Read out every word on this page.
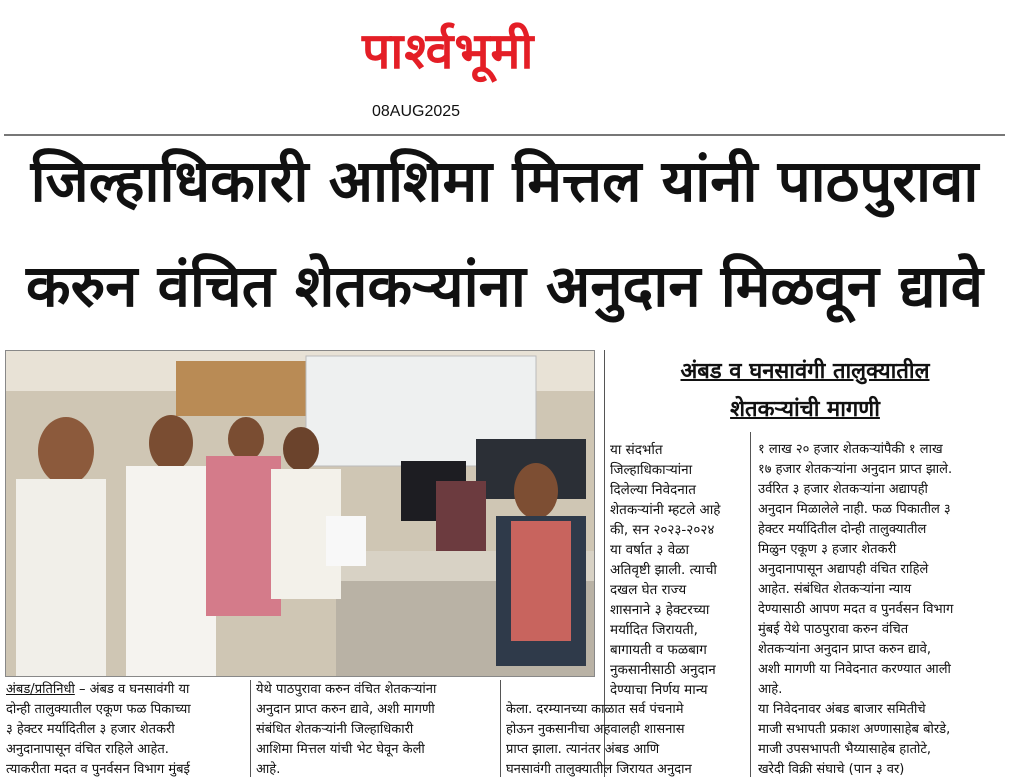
पार्श्वभूमी
08AUG2025
जिल्हाधिकारी आशिमा मित्तल यांनी पाठपुरावा
करुन वंचित शेतकऱ्यांना अनुदान मिळवून द्यावे
अंबड व घनसावंगी तालुक्यातील
शेतकऱ्यांची मागणी
या संदर्भात
जिल्हाधिकाऱ्यांना
दिलेल्या निवेदनात
शेतकऱ्यांनी म्हटले आहे
की, सन २०२३-२०२४
या वर्षात ३ वेळा
अतिवृष्टी झाली. त्याची
दखल घेत राज्य
शासनाने ३ हेक्टरच्या
मर्यादित जिरायती,
बागायती व फळबाग
नुकसानीसाठी अनुदान
देण्याचा निर्णय मान्य
१ लाख २० हजार शेतकऱ्यांपैकी १ लाख
१७ हजार शेतकऱ्यांना अनुदान प्राप्त झाले.
उर्वरित ३ हजार शेतकऱ्यांना अद्यापही
अनुदान मिळालेले नाही. फळ पिकातील ३
हेक्टर मर्यादितील दोन्ही तालुक्यातील
मिळुन एकूण ३ हजार शेतकरी
अनुदानापासून अद्यापही वंचित राहिले
आहेत. संबंधित शेतकऱ्यांना न्याय
देण्यासाठी आपण मदत व पुनर्वसन विभाग
मुंबई येथे पाठपुरावा करुन वंचित
शेतकऱ्यांना अनुदान प्राप्त करुन द्यावे,
अशी मागणी या निवेदनात करण्यात आली
आहे.
या निवेदनावर अंबड बाजार समितीचे
माजी सभापती प्रकाश अण्णासाहेब बोरडे,
माजी उपसभापती भैय्यासाहेब हातोटे,
खरेदी विक्री संघाचे (पान ३ वर)
अंबड/प्रतिनिधी – अंबड व घनसावंगी या
दोन्ही तालुक्यातील एकूण फळ पिकाच्या
३ हेक्टर मर्यादितील ३ हजार शेतकरी
अनुदानापासून वंचित राहिले आहेत.
त्याकरीता मदत व पुनर्वसन विभाग मुंबई
येथे पाठपुरावा करुन वंचित शेतकऱ्यांना
अनुदान प्राप्त करुन द्यावे, अशी मागणी
संबंधित शेतकऱ्यांनी जिल्हाधिकारी
आशिमा मित्तल यांची भेट घेवून केली
आहे.
केला. दरम्यानच्या काळात सर्व पंचनामे
होऊन नुकसानीचा अहवालही शासनास
प्राप्त झाला. त्यानंतर अंबड आणि
घनसावंगी तालुक्यातील जिरायत अनुदान
